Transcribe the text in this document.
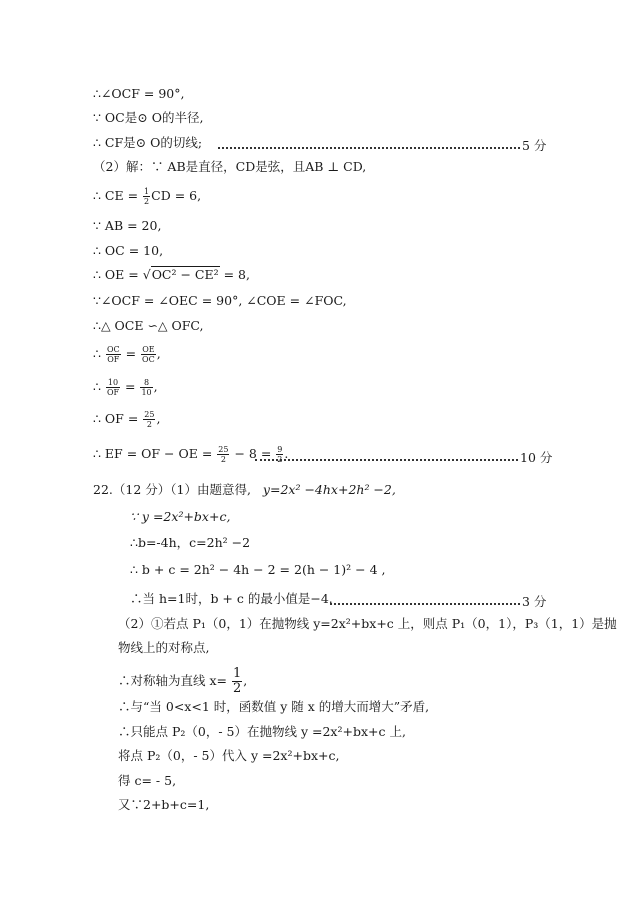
∴∠OCF = 90°,
∵ OC是⊙ O的半径,
∴ CF是⊙ O的切线;	5 分
（2）解：∵ AB是直径，CD是弦，且AB ⊥ CD,
∴ CE = $\frac{1}{2}$ CD = 6,
∵ AB = 20,
∴ OC = 10,
∴ OE = √OC² − CE² = 8,
∵∠OCF = ∠OEC = 90°, ∠COE = ∠FOC,
∴△ OCE ∽△ OFC,
∴ $\frac{OC}{OF} = \frac{OE}{OC}$ ,
∴ $\frac{10}{OF} = \frac{8}{10}$ ,
∴ OF = $\frac{25}{2}$ ,
∴ EF = OF − OE = $\frac{25}{2} - 8 = \frac{9}{2}$ .	10 分
22.（12 分）（1）由题意得, y=2x² −4hx+2h² −2,
∵ y =2x²+bx+c,
∴b=-4h，c=2h² −2
∴ b + c = 2h² − 4h − 2 = 2(h − 1)² − 4 ,
∴当 h=1时，b + c 的最小值是−4.	3 分
（2）①若点 P₁（0，1）在抛物线 y=2x²+bx+c 上，则点 P₁（0，1），P₃（1，1）是抛
物线上的对称点,
∴对称轴为直线 $x= \frac{1}{2}$ ,
∴与“当 0<x<1 时，函数值 y 随 x 的增大而增大”矛盾,
∴只能点 P₂（0，- 5）在抛物线 y =2x²+bx+c 上,
将点 P₂（0，- 5）代入 y =2x²+bx+c,
得 c= - 5,
又∵2+b+c=1,
